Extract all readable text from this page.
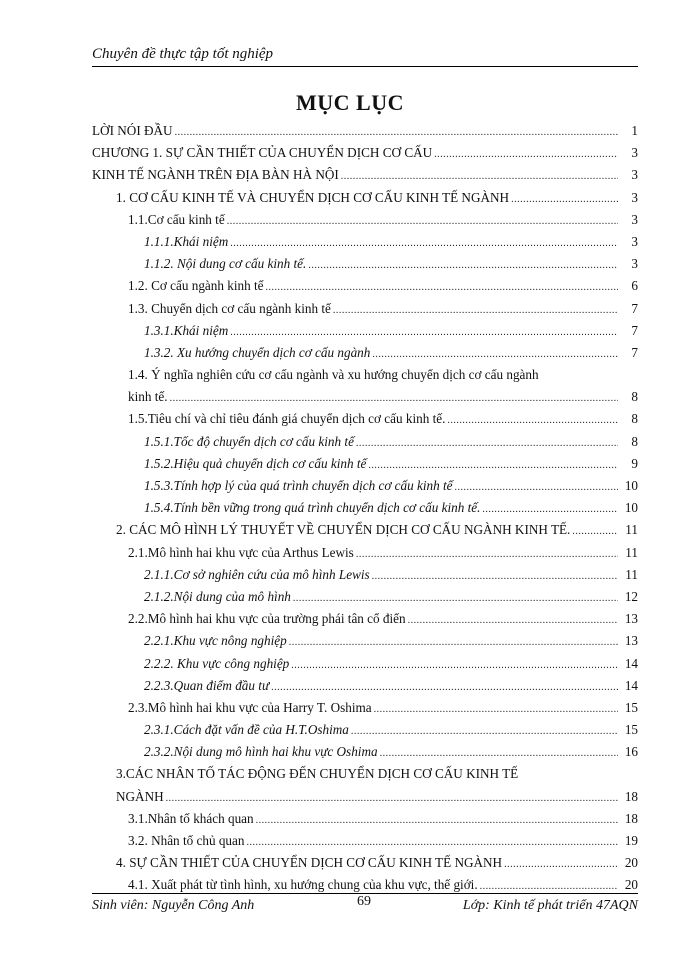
Chuyên đề thực tập tốt nghiệp
MỤC LỤC
LỜI NÓI ĐẦU .....	1
CHƯƠNG 1. SỰ CẦN THIẾT CỦA CHUYỂN DỊCH CƠ CẤU .....	3
KINH TẾ NGÀNH TRÊN ĐỊA BÀN HÀ NỘI .....	3
1. CƠ CẤU KINH TẾ VÀ CHUYỂN DỊCH CƠ CẤU KINH TẾ NGÀNH .....	3
1.1.Cơ cấu kinh tế .....	3
1.1.1.Khái niệm .....	3
1.1.2. Nội dung cơ cấu kinh tế. .....	3
1.2. Cơ cấu ngành kinh tế .....	6
1.3. Chuyển dịch cơ cấu ngành kinh tế .....	7
1.3.1.Khái niệm .....	7
1.3.2. Xu hướng chuyển dịch cơ cấu ngành .....	7
1.4. Ý nghĩa nghiên cứu cơ cấu ngành và xu hướng chuyển dịch cơ cấu ngành
kinh tế. .....	8
1.5.Tiêu chí và chỉ tiêu đánh giá chuyển dịch cơ cấu kinh tế. .....	8
1.5.1.Tốc độ chuyển dịch cơ cấu kinh tế .....	8
1.5.2.Hiệu quả chuyển dịch cơ cấu kinh tế .....	9
1.5.3.Tính hợp lý của quá trình chuyển dịch cơ cấu kinh tế .....	10
1.5.4.Tính bền vững trong quá trình chuyển dịch cơ cấu kinh tế. .....	10
2. CÁC MÔ HÌNH LÝ THUYẾT VỀ CHUYỂN DỊCH CƠ CẤU NGÀNH KINH TẾ. .....	11
2.1.Mô hình hai khu vực của Arthus Lewis .....	11
2.1.1.Cơ sở nghiên cứu của mô hình Lewis .....	11
2.1.2.Nội dung của mô hình .....	12
2.2.Mô hình hai khu vực của trường phái tân cổ điển .....	13
2.2.1.Khu vực nông nghiệp .....	13
2.2.2. Khu vực công nghiệp .....	14
2.2.3.Quan điểm đầu tư .....	14
2.3.Mô hình hai khu vực của Harry T. Oshima .....	15
2.3.1.Cách đặt vấn đề của H.T.Oshima .....	15
2.3.2.Nội dung mô hình hai khu vực Oshima .....	16
3.CÁC NHÂN TỐ TÁC ĐỘNG ĐẾN CHUYỂN DỊCH CƠ CẤU KINH TẾ
NGÀNH .....	18
3.1.Nhân tố khách quan .....	18
3.2. Nhân tố chủ quan .....	19
4. SỰ CẦN THIẾT CỦA CHUYỂN DỊCH CƠ CẤU KINH TẾ NGÀNH .....	20
4.1. Xuất phát từ tình hình, xu hướng chung của khu vực, thế giới. .....	20
Sinh viên: Nguyễn Công Anh	69	Lớp: Kinh tế phát triển 47AQN
